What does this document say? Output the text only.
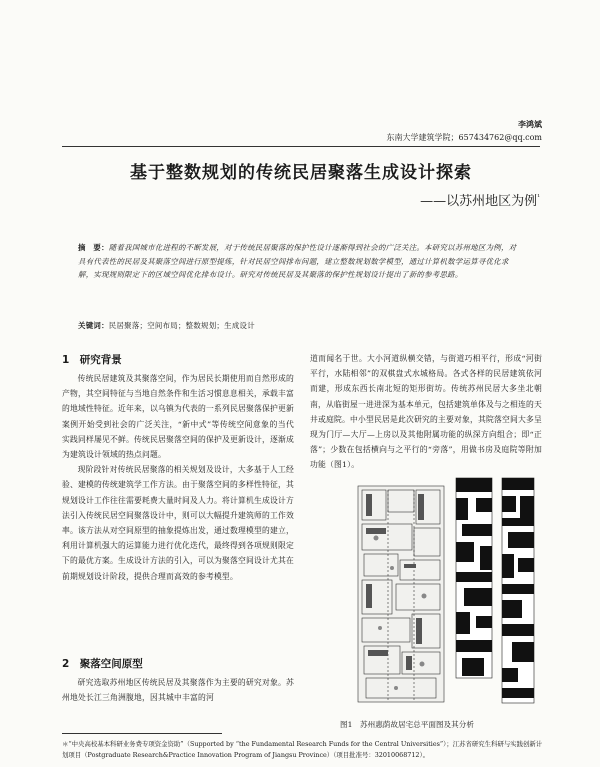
李鸿斌
东南大学建筑学院；657434762@qq.com
基于整数规划的传统民居聚落生成设计探索
——以苏州地区为例$^{^1}$
摘　要：随着我国城市化进程的不断发展，对于传统民居聚落的保护性设计逐渐得到社会的广泛关注。本研究以苏州地区为例，对具有代表性的民居及其聚落空间进行原型提炼，针对民居空间排布问题，建立整数规划数学模型，通过计算机数学运算寻优化求解，实现规则限定下的区域空间优化排布设计。研究对传统民居及其聚落的保护性规划设计提出了新的参考思路。
关键词：民居聚落；空间布局；整数规划；生成设计
1　研究背景

传统民居建筑及其聚落空间，作为居民长期使用而自然形成的产物，其空间特征与当地自然条件和生活习惯息息相关，承载丰富的地域性特征。近年来，以乌镇为代表的一系列民居聚落保护更新案例开始受到社会的广泛关注，“新中式”等传统空间意象的当代实践同样屡见不鲜。传统民居聚落空间的保护及更新设计，逐渐成为建筑设计领域的热点问题。

现阶段针对传统民居聚落的相关规划及设计，大多基于人工经验、建模的传统建筑学工作方法。由于聚落空间的多样性特征，其规划设计工作往往需要耗费大量时间及人力。将计算机生成设计方法引入传统民居空间聚落设计中，则可以大幅提升建筑师的工作效率。该方法从对空间原型的抽象提炼出发，通过数理模型的建立，利用计算机强大的运算能力进行优化迭代，最终得到各项规则限定下的最优方案。生成设计方法的引入，可以为聚落空间设计尤其在前期规划设计阶段，提供合理而高效的参考模型。

2　聚落空间原型

研究选取苏州地区传统民居及其聚落作为主要的研究对象。苏州地处长江三角洲腹地，因其城中丰富的河

道而闻名于世。大小河道纵横交错，与街道巧相平行，形成“河街平行，水陆相邻”的双棋盘式水城格局。各式各样的民居建筑依河而建，形成东西长南北短的矩形街坊。传统苏州民居大多坐北朝南，从临街屋一进进深为基本单元，包括建筑单体及与之相连的天井或庭院。中小型民居是此次研究的主要对象，其院落空间大多呈现为门厅—大厅—上房以及其他附属功能的纵深方向组合；即“正落”；少数在包括横向与之平行的“旁落”，用做书房及庭院等附加功能（图1）。

图1　苏州惠荫故居宅总平面图及其分析
＊“中央高校基本科研业务费专项资金资助”（Supported by “the Fundamental Research Funds for the Central Universities”）；江苏省研究生科研与实践创新计划项目（Postgraduate Research&Practice Innovation Program of Jiangsu Province）（项目批准号：32010068712）。
